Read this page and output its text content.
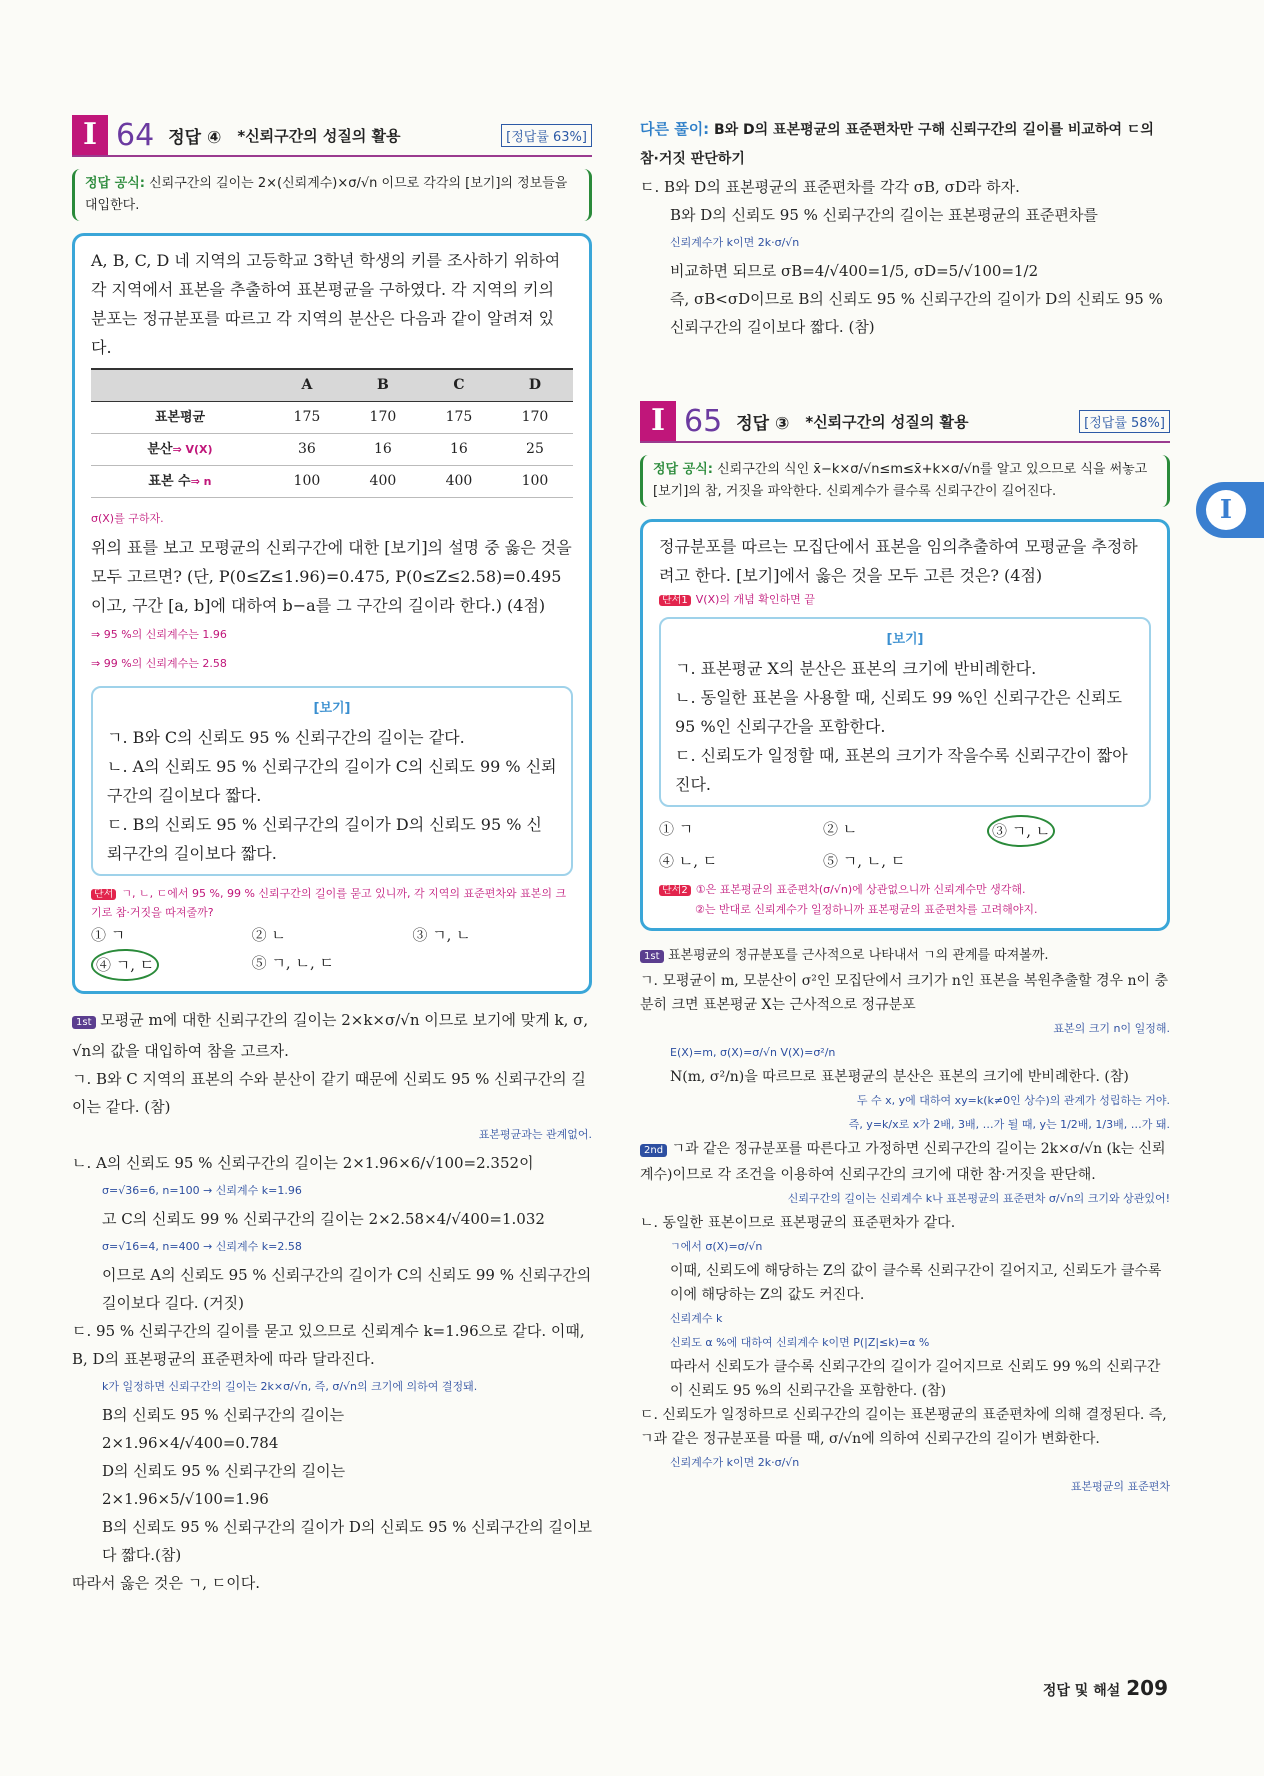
I 64 정답 ④ *신뢰구간의 성질의 활용	[정답률 63%]
정답 공식: 신뢰구간의 길이는 2×(신뢰계수)×σ/√n 이므로 각각의 [보기]의 정보들을 대입한다.
A, B, C, D 네 지역의 고등학교 3학년 학생의 키를 조사하기 위하여 각 지역에서 표본을 추출하여 표본평균을 구하였다. 각 지역의 키의 분포는 정규분포를 따르고 각 지역의 분산은 다음과 같이 알려져 있다.
	A	B	C	D
표본평균	175	170	175	170
분산⇒ V(X)	36	16	16	25
표본 수⇒ n	100	400	400	100
σ(X)를 구하자.
위의 표를 보고 모평균의 신뢰구간에 대한 [보기]의 설명 중 옳은 것을 모두 고르면? (단, P(0≤Z≤1.96)=0.475, P(0≤Z≤2.58)=0.495이고, 구간 [a, b]에 대하여 b−a를 그 구간의 길이라 한다.) (4점)
⇒ 95 %의 신뢰계수는 1.96
⇒ 99 %의 신뢰계수는 2.58
[보기]
ㄱ. B와 C의 신뢰도 95 % 신뢰구간의 길이는 같다.
ㄴ. A의 신뢰도 95 % 신뢰구간의 길이가 C의 신뢰도 99 % 신뢰구간의 길이보다 짧다.
ㄷ. B의 신뢰도 95 % 신뢰구간의 길이가 D의 신뢰도 95 % 신뢰구간의 길이보다 짧다.
단서 ㄱ, ㄴ, ㄷ에서 95 %, 99 % 신뢰구간의 길이를 묻고 있니까, 각 지역의 표준편차와 표본의 크기로 참·거짓을 따져줄까?
① ㄱ	② ㄴ	③ ㄱ, ㄴ
④ ㄱ, ㄷ	⑤ ㄱ, ㄴ, ㄷ
1st 모평균 m에 대한 신뢰구간의 길이는 2×k×σ/√n 이므로 보기에 맞게 k, σ, √n의 값을 대입하여 참을 고르자.
ㄱ. B와 C 지역의 표본의 수와 분산이 같기 때문에 신뢰도 95 % 신뢰구간의 길이는 같다. (참)
표본평균과는 관계없어.
ㄴ. A의 신뢰도 95 % 신뢰구간의 길이는 2×1.96×6/√100=2.352이
σ=√36=6, n=100 → 신뢰계수 k=1.96
고 C의 신뢰도 99 % 신뢰구간의 길이는 2×2.58×4/√400=1.032
σ=√16=4, n=400 → 신뢰계수 k=2.58
이므로 A의 신뢰도 95 % 신뢰구간의 길이가 C의 신뢰도 99 % 신뢰구간의 길이보다 길다. (거짓)
ㄷ. 95 % 신뢰구간의 길이를 묻고 있으므로 신뢰계수 k=1.96으로 같다. 이때, B, D의 표본평균의 표준편차에 따라 달라진다.
k가 일정하면 신뢰구간의 길이는 2k×σ/√n, 즉, σ/√n의 크기에 의하여 결정돼.
B의 신뢰도 95 % 신뢰구간의 길이는
2×1.96×4/√400=0.784
D의 신뢰도 95 % 신뢰구간의 길이는
2×1.96×5/√100=1.96
B의 신뢰도 95 % 신뢰구간의 길이가 D의 신뢰도 95 % 신뢰구간의 길이보다 짧다.(참)
따라서 옳은 것은 ㄱ, ㄷ이다.
다른 풀이: B와 D의 표본평균의 표준편차만 구해 신뢰구간의 길이를 비교하여 ㄷ의 참·거짓 판단하기
ㄷ. B와 D의 표본평균의 표준편차를 각각 σB, σD라 하자.
B와 D의 신뢰도 95 % 신뢰구간의 길이는 표본평균의 표준편차를
신뢰계수가 k이면 2k·σ/√n
비교하면 되므로 σB=4/√400=1/5, σD=5/√100=1/2
즉, σB<σD이므로 B의 신뢰도 95 % 신뢰구간의 길이가 D의 신뢰도 95 % 신뢰구간의 길이보다 짧다. (참)
I 65 정답 ③ *신뢰구간의 성질의 활용	[정답률 58%]
정답 공식: 신뢰구간의 식인 x̄−k×σ/√n≤m≤x̄+k×σ/√n를 알고 있으므로 식을 써놓고 [보기]의 참, 거짓을 파악한다. 신뢰계수가 클수록 신뢰구간이 길어진다.
정규분포를 따르는 모집단에서 표본을 임의추출하여 모평균을 추정하려고 한다. [보기]에서 옳은 것을 모두 고른 것은? (4점)
단서1 V(X)의 개념 확인하면 끝
[보기]
ㄱ. 표본평균 X의 분산은 표본의 크기에 반비례한다.
ㄴ. 동일한 표본을 사용할 때, 신뢰도 99 %인 신뢰구간은 신뢰도 95 %인 신뢰구간을 포함한다.
ㄷ. 신뢰도가 일정할 때, 표본의 크기가 작을수록 신뢰구간이 짧아진다.
① ㄱ	② ㄴ	③ ㄱ, ㄴ
④ ㄴ, ㄷ	⑤ ㄱ, ㄴ, ㄷ
단서2 ①은 표본평균의 표준편차(σ/√n)에 상관없으니까 신뢰계수만 생각해.
②는 반대로 신뢰계수가 일정하니까 표본평균의 표준편차를 고려해야지.
1st 표본평균의 정규분포를 근사적으로 나타내서 ㄱ의 관계를 따져볼까.
ㄱ. 모평균이 m, 모분산이 σ²인 모집단에서 크기가 n인 표본을 복원추출할 경우 n이 충분히 크면 표본평균 X는 근사적으로 정규분포
표본의 크기 n이 일정해.
E(X)=m, σ(X)=σ/√n V(X)=σ²/n
N(m, σ²/n)을 따르므로 표본평균의 분산은 표본의 크기에 반비례한다. (참)
두 수 x, y에 대하여 xy=k(k≠0인 상수)의 관계가 성립하는 거야.
즉, y=k/x로 x가 2배, 3배, …가 될 때, y는 1/2배, 1/3배, …가 돼.
2nd ㄱ과 같은 정규분포를 따른다고 가정하면 신뢰구간의 길이는 2k×σ/√n (k는 신뢰계수)이므로 각 조건을 이용하여 신뢰구간의 크기에 대한 참·거짓을 판단해.
신뢰구간의 길이는 신뢰계수 k나 표본평균의 표준편차 σ/√n의 크기와 상관있어!
ㄴ. 동일한 표본이므로 표본평균의 표준편차가 같다.
ㄱ에서 σ(X)=σ/√n
이때, 신뢰도에 해당하는 Z의 값이 클수록 신뢰구간이 길어지고, 신뢰도가 클수록 이에 해당하는 Z의 값도 커진다.
신뢰계수 k
신뢰도 α %에 대하여 신뢰계수 k이면 P(|Z|≤k)=α %
따라서 신뢰도가 클수록 신뢰구간의 길이가 길어지므로 신뢰도 99 %의 신뢰구간이 신뢰도 95 %의 신뢰구간을 포함한다. (참)
ㄷ. 신뢰도가 일정하므로 신뢰구간의 길이는 표본평균의 표준편차에 의해 결정된다. 즉, ㄱ과 같은 정규분포를 따를 때, σ/√n에 의하여 신뢰구간의 길이가 변화한다.
신뢰계수가 k이면 2k·σ/√n
표본평균의 표준편차
I
정답 및 해설 209
